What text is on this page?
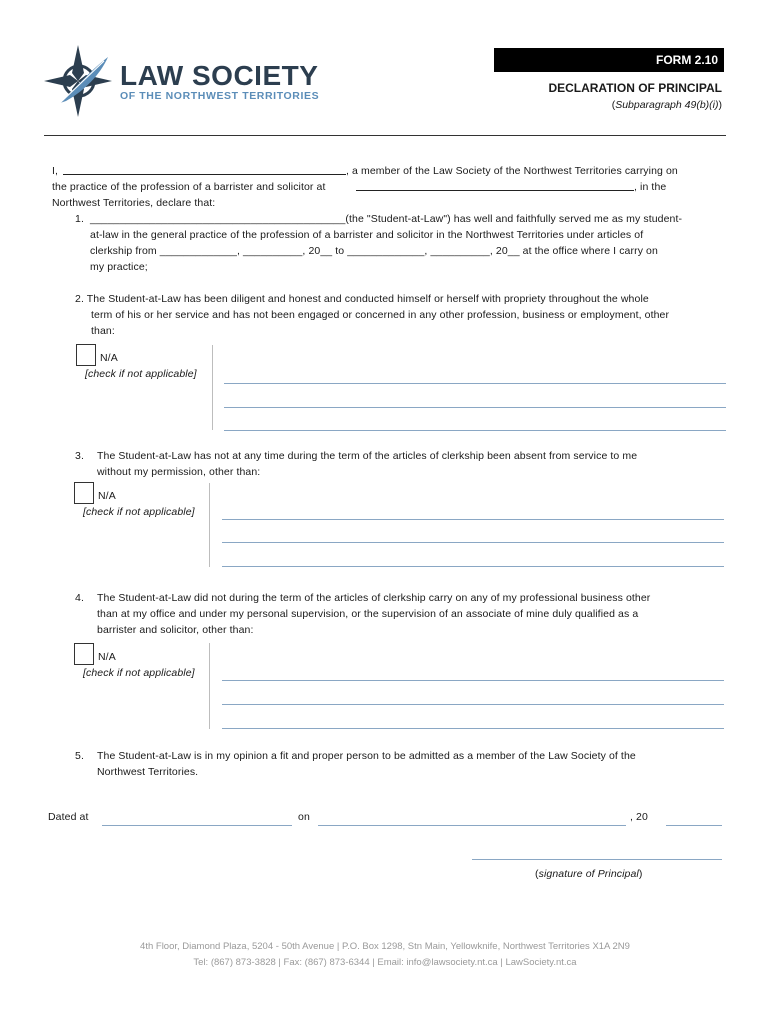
LAW SOCIETY
OF THE NORTHWEST TERRITORIES
FORM 2.10
DECLARATION OF PRINCIPAL
(Subparagraph 49(b)(i))
I,	, a member of the Law Society of the Northwest Territories carrying on
the practice of the profession of a barrister and solicitor at	, in the
Northwest Territories, declare that:
1. ___________________________________________(the "Student-at-Law") has well and faithfully served me as my student-
at-law in the general practice of the profession of a barrister and solicitor in the Northwest Territories under articles of
clerkship from _____________, __________, 20__ to _____________, __________, 20__ at the office where I carry on
my practice;
2. The Student-at-Law has been diligent and honest and conducted himself or herself with propriety throughout the whole
term of his or her service and has not been engaged or concerned in any other profession, business or employment, other
than:
N/A
[check if not applicable]
3. The Student-at-Law has not at any time during the term of the articles of clerkship been absent from service to me
without my permission, other than:
N/A
[check if not applicable]
4. The Student-at-Law did not during the term of the articles of clerkship carry on any of my professional business other
than at my office and under my personal supervision, or the supervision of an associate of mine duly qualified as a
barrister and solicitor, other than:
N/A
[check if not applicable]
5. The Student-at-Law is in my opinion a fit and proper person to be admitted as a member of the Law Society of the
Northwest Territories.
Dated at	on	, 20
(signature of Principal)
4th Floor, Diamond Plaza, 5204 - 50th Avenue | P.O. Box 1298, Stn Main, Yellowknife, Northwest Territories X1A 2N9
Tel: (867) 873-3828 | Fax: (867) 873-6344 | Email: info@lawsociety.nt.ca | LawSociety.nt.ca
